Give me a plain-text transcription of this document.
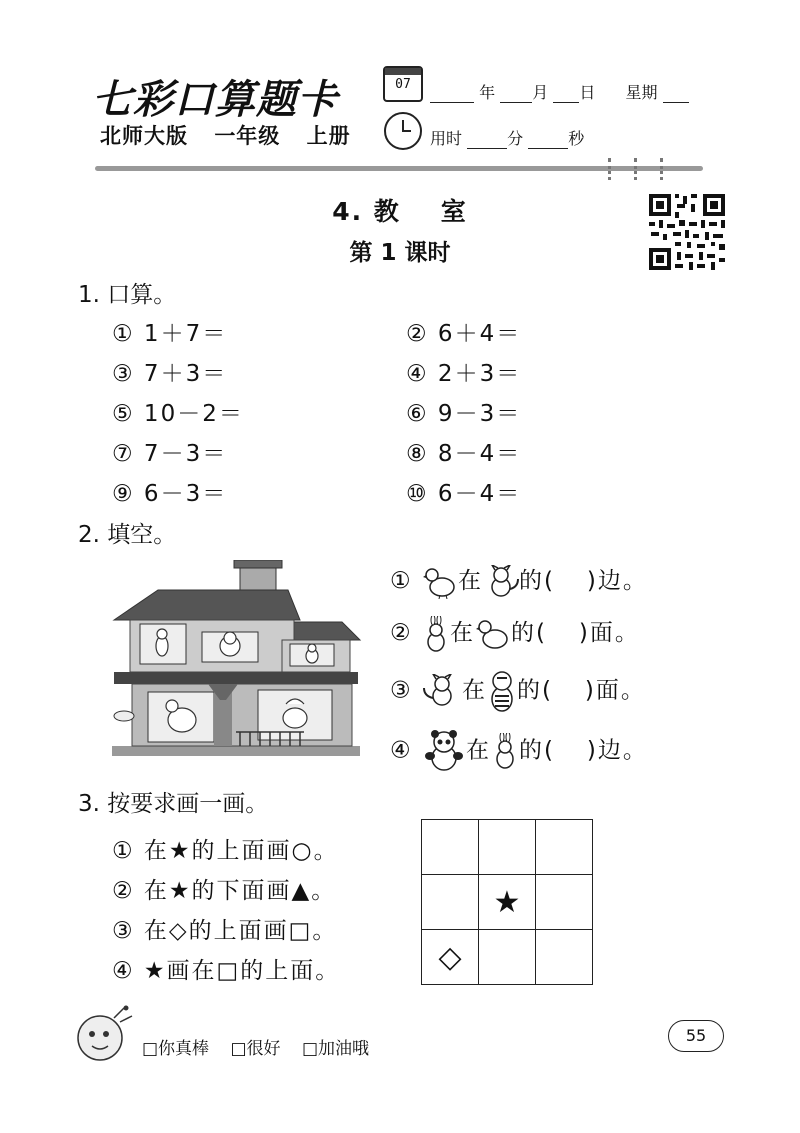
七彩口算题卡
北师大版 一年级 上册
07	年 月 日 星期
用时	分	秒
4. 教 室
第 1 课时
1. 口算。
① 1＋7＝	② 6＋4＝
③ 7＋3＝	④ 2＋3＝
⑤ 10－2＝	⑥ 9－3＝
⑦ 7－3＝	⑧ 8－4＝
⑨ 6－3＝	⑩ 6－4＝
2. 填空。
① 在 的( )边。
② 在 的( )面。
③ 在 的( )面。
④ 在 的( )边。
3. 按要求画一画。
① 在★的上面画○。
② 在★的下面画▲。
③ 在◇的上面画□。
④ ★画在□的上面。

	★	
◇		
□你真棒 □很好 □加油哦
55
